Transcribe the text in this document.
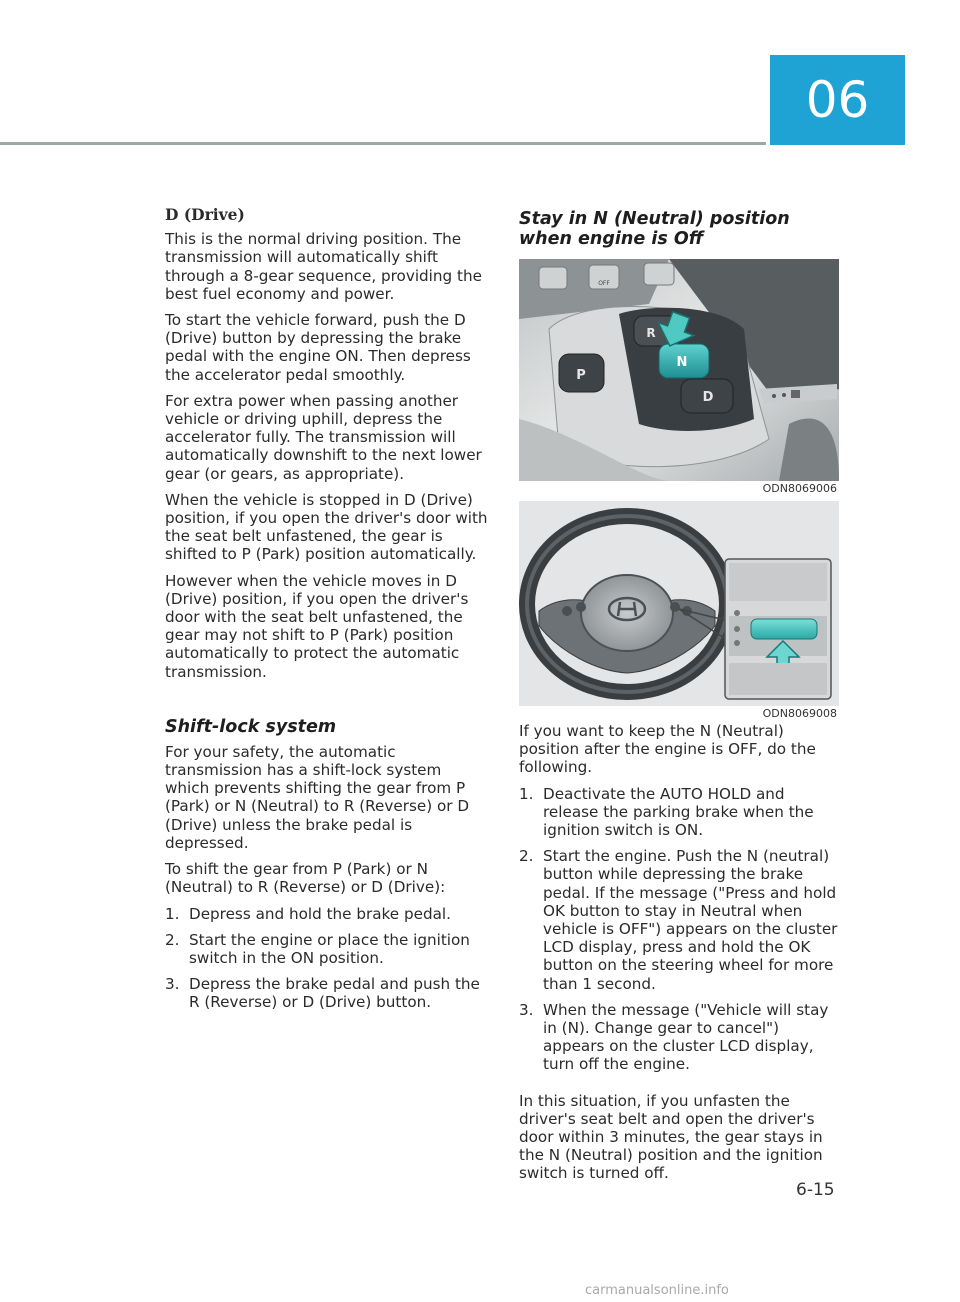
06
D (Drive)

This is the normal driving position. The transmission will automatically shift through a 8-gear sequence, providing the best fuel economy and power.

To start the vehicle forward, push the D (Drive) button by depressing the brake pedal with the engine ON. Then depress the accelerator pedal smoothly.

For extra power when passing another vehicle or driving uphill, depress the accelerator fully. The transmission will automatically downshift to the next lower gear (or gears, as appropriate).

When the vehicle is stopped in D (Drive) position, if you open the driver's door with the seat belt unfastened, the gear is shifted to P (Park) position automatically.

However when the vehicle moves in D (Drive) position, if you open the driver's door with the seat belt unfastened, the gear may not shift to P (Park) position automatically to protect the automatic transmission.

Shift-lock system

For your safety, the automatic transmission has a shift-lock system which prevents shifting the gear from P (Park) or N (Neutral) to R (Reverse) or D (Drive) unless the brake pedal is depressed.

To shift the gear from P (Park) or N (Neutral) to R (Reverse) or D (Drive):

1. Depress and hold the brake pedal.
2. Start the engine or place the ignition switch in the ON position.
3. Depress the brake pedal and push the R (Reverse) or D (Drive) button.
Stay in N (Neutral) position when engine is Off
OFF
P
R
N
D
ODN8069006
ODN8069008

If you want to keep the N (Neutral) position after the engine is OFF, do the following.

1. Deactivate the AUTO HOLD and release the parking brake when the ignition switch is ON.
2. Start the engine. Push the N (neutral) button while depressing the brake pedal. If the message ("Press and hold OK button to stay in Neutral when vehicle is OFF") appears on the cluster LCD display, press and hold the OK button on the steering wheel for more than 1 second.
3. When the message ("Vehicle will stay in (N). Change gear to cancel") appears on the cluster LCD display, turn off the engine.

In this situation, if you unfasten the driver's seat belt and open the driver's door within 3 minutes, the gear stays in the N (Neutral) position and the ignition switch is turned off.

6-15
carmanualsonline.info
